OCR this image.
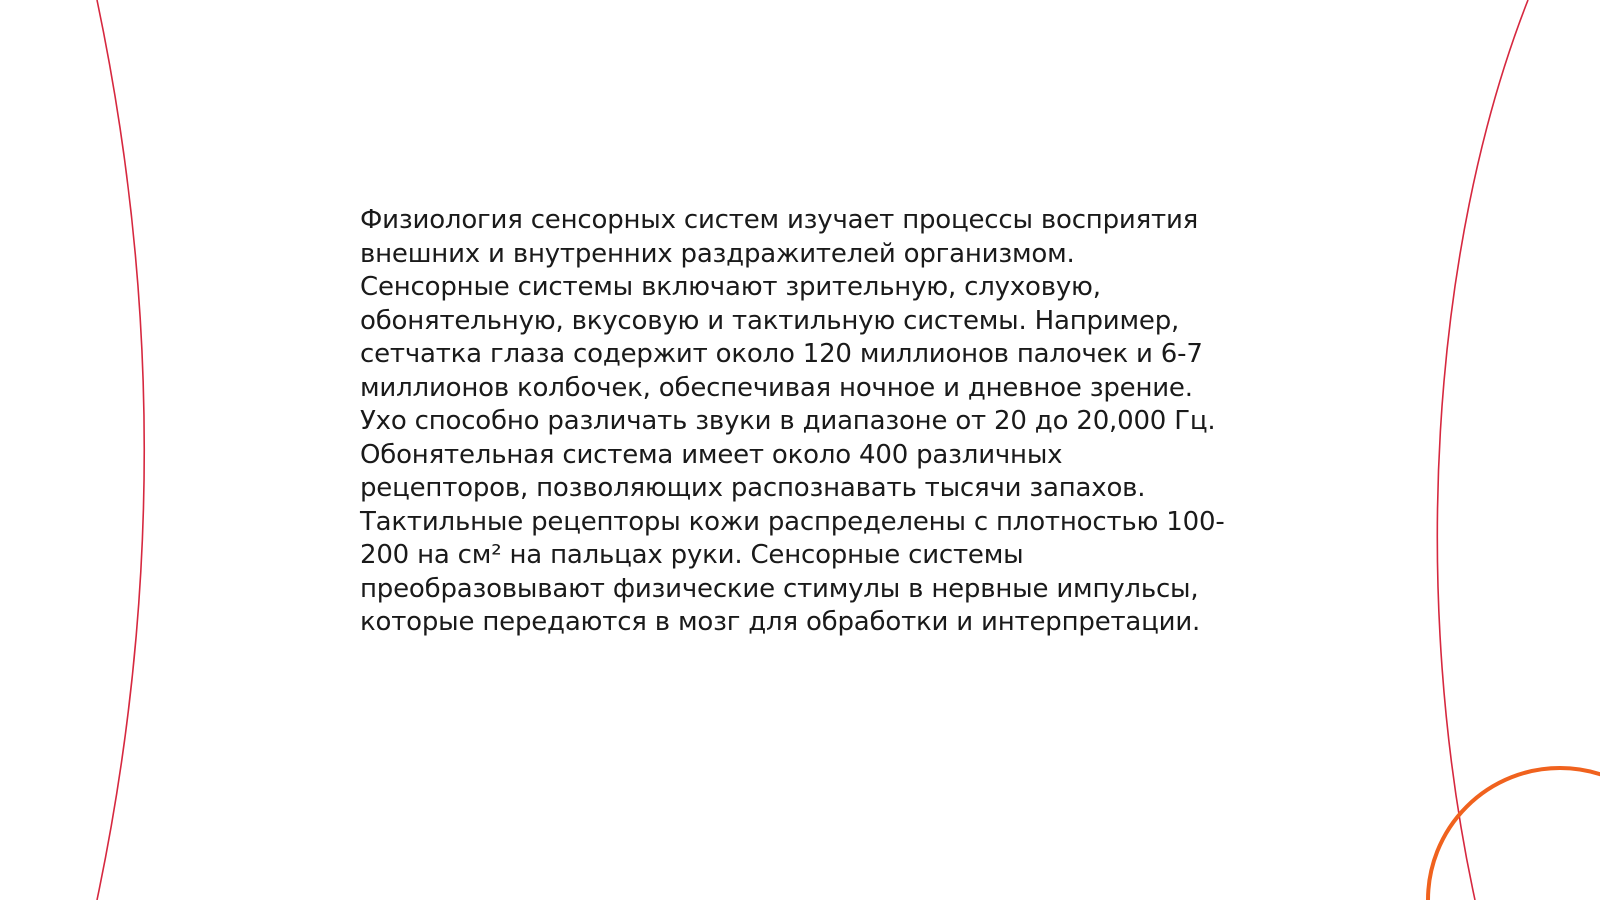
Физиология сенсорных систем изучает процессы восприятия
внешних и внутренних раздражителей организмом.
Сенсорные системы включают зрительную, слуховую,
обонятельную, вкусовую и тактильную системы. Например,
сетчатка глаза содержит около 120 миллионов палочек и 6-7
миллионов колбочек, обеспечивая ночное и дневное зрение.
Ухо способно различать звуки в диапазоне от 20 до 20,000 Гц.
Обонятельная система имеет около 400 различных
рецепторов, позволяющих распознавать тысячи запахов.
Тактильные рецепторы кожи распределены с плотностью 100-
200 на см² на пальцах руки. Сенсорные системы
преобразовывают физические стимулы в нервные импульсы,
которые передаются в мозг для обработки и интерпретации.
